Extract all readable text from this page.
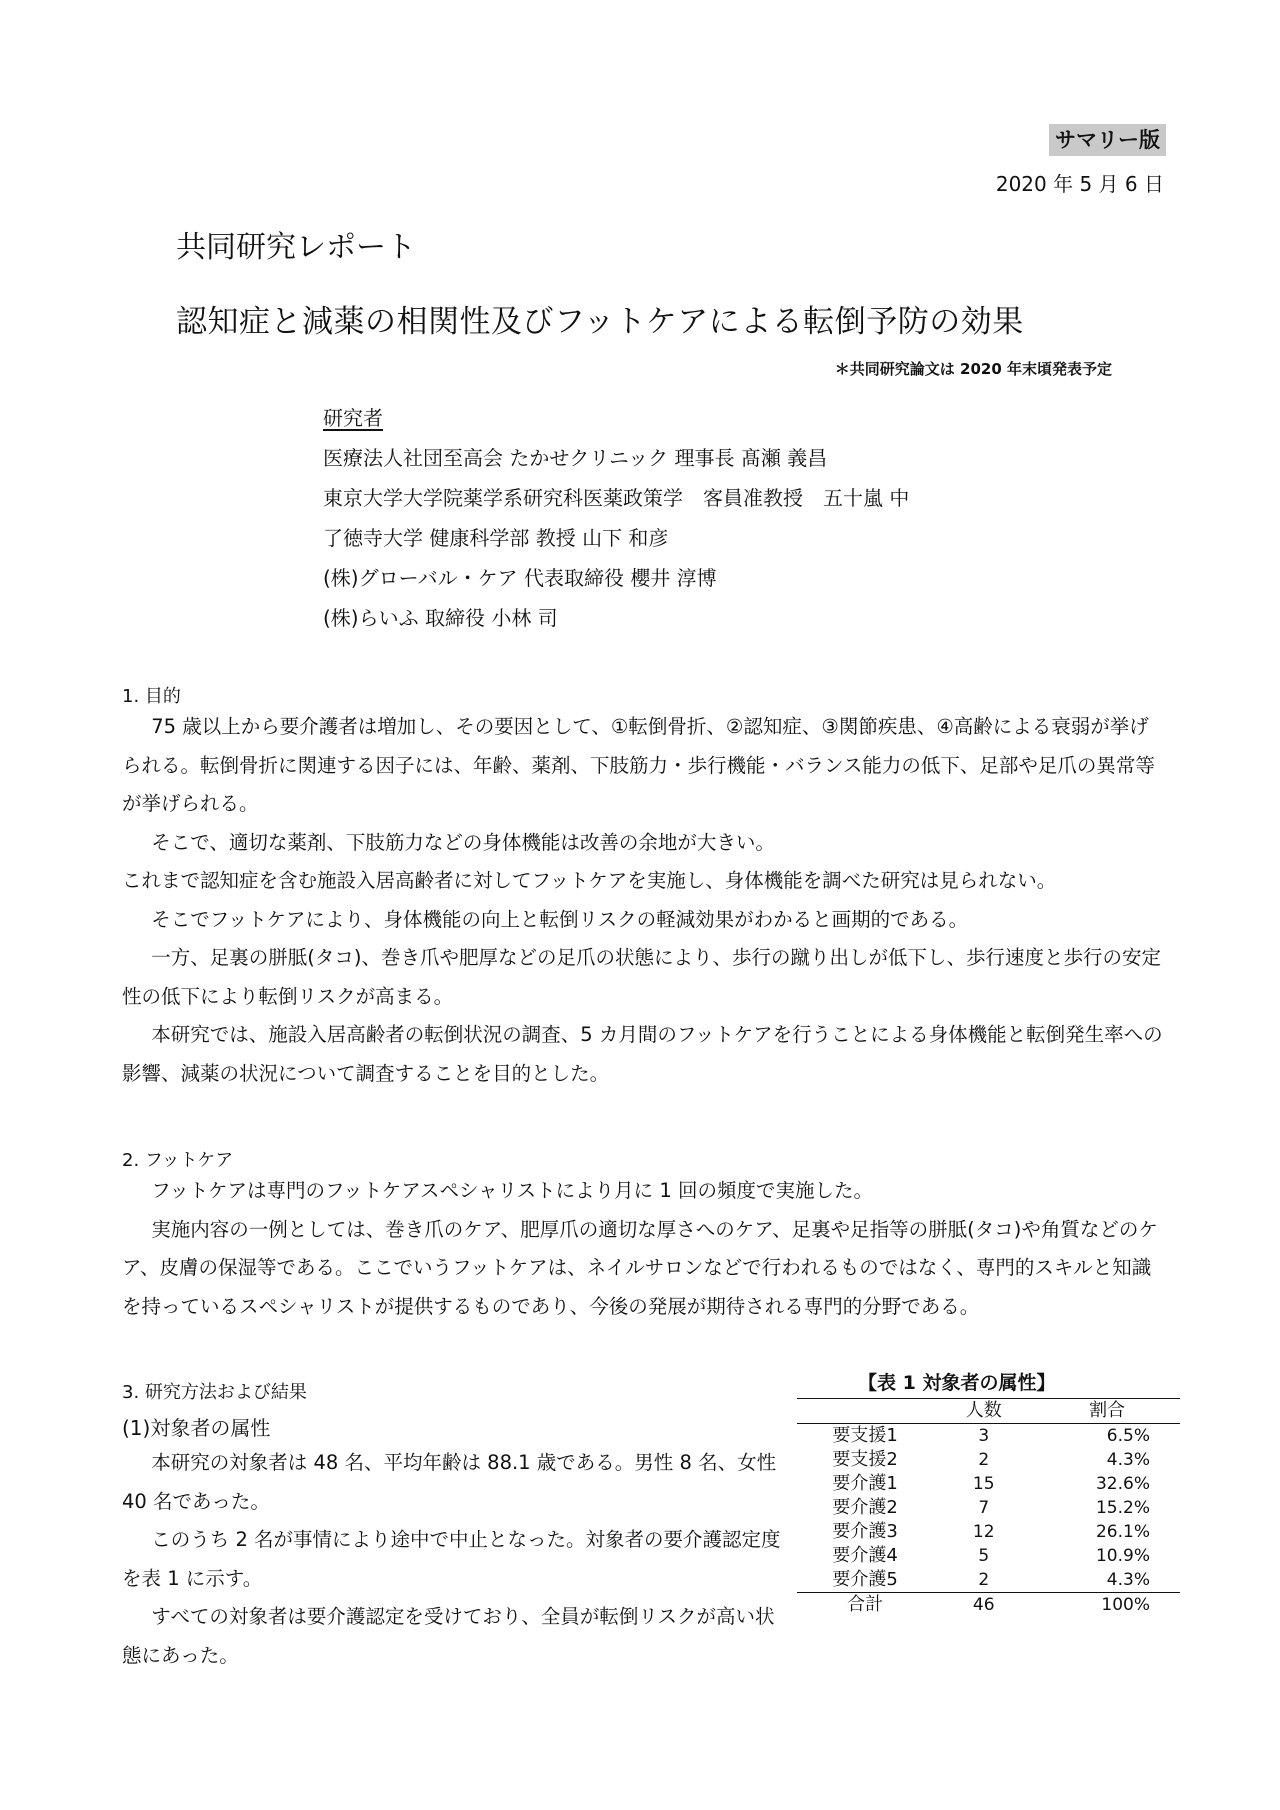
サマリー版
2020 年 5 月 6 日
共同研究レポート
認知症と減薬の相関性及びフットケアによる転倒予防の効果
＊共同研究論文は 2020 年末頃発表予定
研究者
医療法人社団至高会 たかせクリニック 理事長 髙瀬 義昌
東京大学大学院薬学系研究科医薬政策学　客員准教授　五十嵐 中
了徳寺大学 健康科学部 教授 山下 和彦
(株)グローバル・ケア 代表取締役 櫻井 淳博
(株)らいふ 取締役 小林 司
1. 目的

75 歳以上から要介護者は増加し、その要因として、①転倒骨折、②認知症、③関節疾患、④高齢による衰弱が挙げられる。転倒骨折に関連する因子には、年齢、薬剤、下肢筋力・歩行機能・バランス能力の低下、足部や足爪の異常等が挙げられる。

そこで、適切な薬剤、下肢筋力などの身体機能は改善の余地が大きい。

これまで認知症を含む施設入居高齢者に対してフットケアを実施し、身体機能を調べた研究は見られない。

そこでフットケアにより、身体機能の向上と転倒リスクの軽減効果がわかると画期的である。

一方、足裏の胼胝(タコ)、巻き爪や肥厚などの足爪の状態により、歩行の蹴り出しが低下し、歩行速度と歩行の安定性の低下により転倒リスクが高まる。

本研究では、施設入居高齢者の転倒状況の調査、5 カ月間のフットケアを行うことによる身体機能と転倒発生率への影響、減薬の状況について調査することを目的とした。

2. フットケア

フットケアは専門のフットケアスペシャリストにより月に 1 回の頻度で実施した。

実施内容の一例としては、巻き爪のケア、肥厚爪の適切な厚さへのケア、足裏や足指等の胼胝(タコ)や角質などのケア、皮膚の保湿等である。ここでいうフットケアは、ネイルサロンなどで行われるものではなく、専門的スキルと知識を持っているスペシャリストが提供するものであり、今後の発展が期待される専門的分野である。

3. 研究方法および結果
(1)対象者の属性

本研究の対象者は 48 名、平均年齢は 88.1 歳である。男性 8 名、女性 40 名であった。

このうち 2 名が事情により途中で中止となった。対象者の要介護認定度を表 1 に示す。

すべての対象者は要介護認定を受けており、全員が転倒リスクが高い状態にあった。

【表 1 対象者の属性】
	人数	割合
要支援1	3	6.5%
要支援2	2	4.3%
要介護1	15	32.6%
要介護2	7	15.2%
要介護3	12	26.1%
要介護4	5	10.9%
要介護5	2	4.3%
合計	46	100%
